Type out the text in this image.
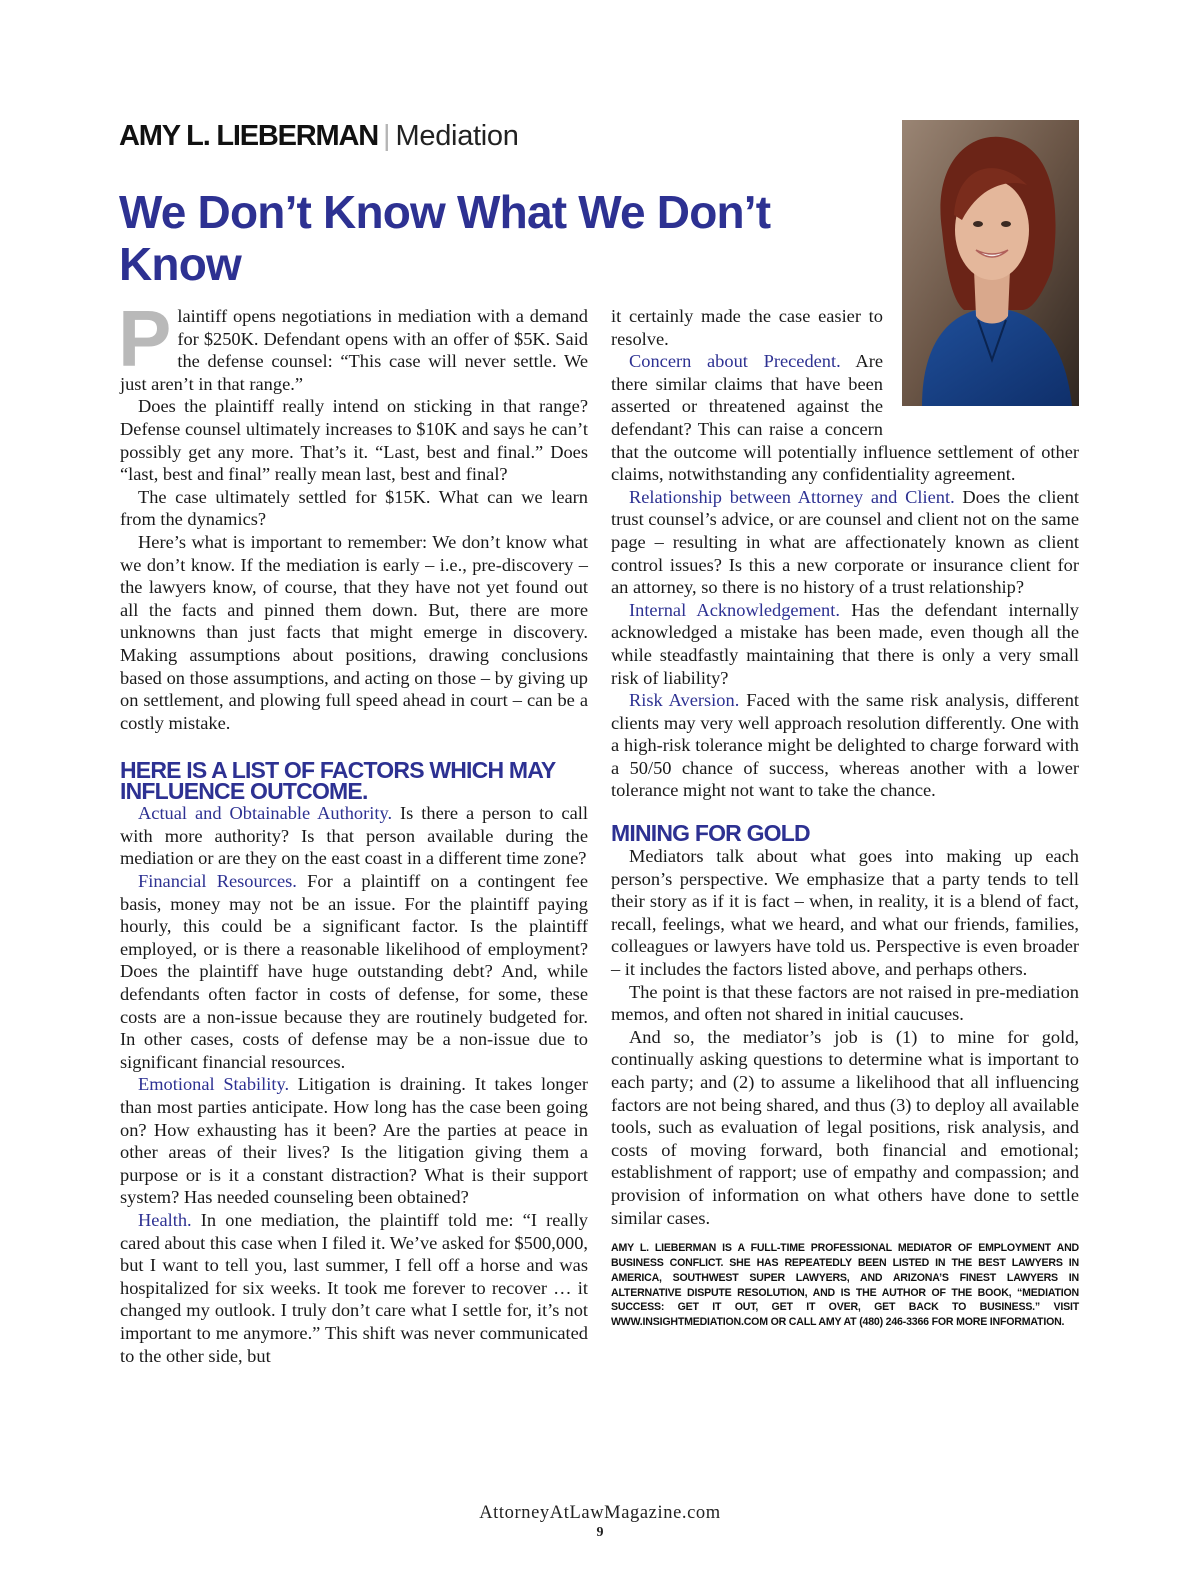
AMY L. LIEBERMAN | Mediation
We Don’t Know What We Don’t Know

Plaintiff opens negotiations in mediation with a demand for $250K. Defendant opens with an offer of $5K. Said the defense counsel: “This case will never settle. We just aren’t in that range.”

Does the plaintiff really intend on sticking in that range? Defense counsel ultimately increases to $10K and says he can’t possibly get any more. That’s it. “Last, best and final.” Does “last, best and final” really mean last, best and final?

The case ultimately settled for $15K. What can we learn from the dynamics?

Here’s what is important to remember: We don’t know what we don’t know. If the mediation is early – i.e., pre-discovery – the lawyers know, of course, that they have not yet found out all the facts and pinned them down. But, there are more unknowns than just facts that might emerge in discovery. Making assumptions about positions, drawing conclusions based on those assumptions, and acting on those – by giving up on settlement, and plowing full speed ahead in court – can be a costly mistake.

HERE IS A LIST OF FACTORS WHICH MAY INFLUENCE OUTCOME.

Actual and Obtainable Authority. Is there a person to call with more authority? Is that person available during the mediation or are they on the east coast in a different time zone?

Financial Resources. For a plaintiff on a contingent fee basis, money may not be an issue. For the plaintiff paying hourly, this could be a significant factor. Is the plaintiff employed, or is there a reasonable likelihood of employment? Does the plaintiff have huge outstanding debt? And, while defendants often factor in costs of defense, for some, these costs are a non-issue because they are routinely budgeted for. In other cases, costs of defense may be a non-issue due to significant financial resources.

Emotional Stability. Litigation is draining. It takes longer than most parties anticipate. How long has the case been going on? How exhausting has it been? Are the parties at peace in other areas of their lives? Is the litigation giving them a purpose or is it a constant distraction? What is their support system? Has needed counseling been obtained?

Health. In one mediation, the plaintiff told me: “I really cared about this case when I filed it. We’ve asked for $500,000, but I want to tell you, last summer, I fell off a horse and was hospitalized for six weeks. It took me forever to recover … it changed my outlook. I truly don’t care what I settle for, it’s not important to me anymore.” This shift was never communicated to the other side, but

it certainly made the case easier to resolve.

Concern about Precedent. Are there similar claims that have been asserted or threatened against the defendant? This can raise a concern that the outcome will potentially influence settlement of other claims, notwithstanding any confidentiality agreement.

Relationship between Attorney and Client. Does the client trust counsel’s advice, or are counsel and client not on the same page – resulting in what are affectionately known as client control issues? Is this a new corporate or insurance client for an attorney, so there is no history of a trust relationship?

Internal Acknowledgement. Has the defendant internally acknowledged a mistake has been made, even though all the while steadfastly maintaining that there is only a very small risk of liability?

Risk Aversion. Faced with the same risk analysis, different clients may very well approach resolution differently. One with a high-risk tolerance might be delighted to charge forward with a 50/50 chance of success, whereas another with a lower tolerance might not want to take the chance.

MINING FOR GOLD

Mediators talk about what goes into making up each person’s perspective. We emphasize that a party tends to tell their story as if it is fact – when, in reality, it is a blend of fact, recall, feelings, what we heard, and what our friends, families, colleagues or lawyers have told us. Perspective is even broader – it includes the factors listed above, and perhaps others.

The point is that these factors are not raised in pre-mediation memos, and often not shared in initial caucuses.

And so, the mediator’s job is (1) to mine for gold, continually asking questions to determine what is important to each party; and (2) to assume a likelihood that all influencing factors are not being shared, and thus (3) to deploy all available tools, such as evaluation of legal positions, risk analysis, and costs of moving forward, both financial and emotional; establishment of rapport; use of empathy and compassion; and provision of information on what others have done to settle similar cases.

AMY L. LIEBERMAN IS A FULL-TIME PROFESSIONAL MEDIATOR OF EMPLOYMENT AND BUSINESS CONFLICT. SHE HAS REPEATEDLY BEEN LISTED IN THE BEST LAWYERS IN AMERICA, SOUTHWEST SUPER LAWYERS, AND ARIZONA’S FINEST LAWYERS IN ALTERNATIVE DISPUTE RESOLUTION, AND IS THE AUTHOR OF THE BOOK, “MEDIATION SUCCESS: GET IT OUT, GET IT OVER, GET BACK TO BUSINESS.” VISIT WWW.INSIGHTMEDIATION.COM OR CALL AMY AT (480) 246-3366 FOR MORE INFORMATION.
AttorneyAtLawMagazine.com
9
